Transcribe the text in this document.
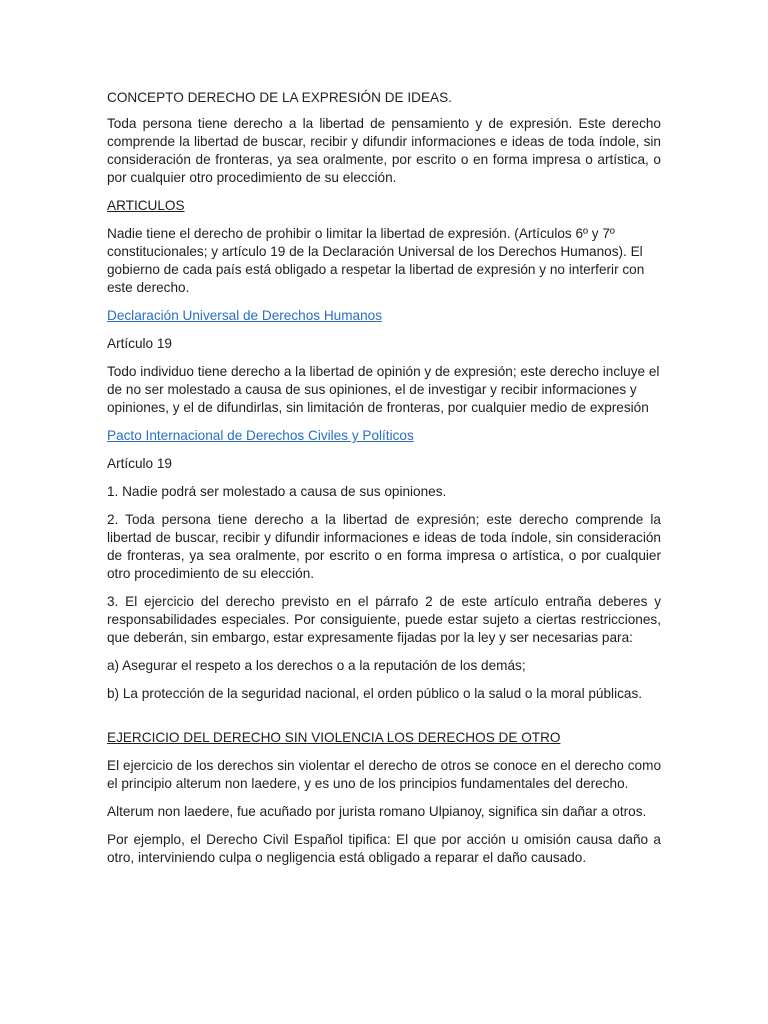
CONCEPTO DERECHO DE LA EXPRESIÓN DE IDEAS.

Toda persona tiene derecho a la libertad de pensamiento y de expresión. Este derecho comprende la libertad de buscar, recibir y difundir informaciones e ideas de toda índole, sin consideración de fronteras, ya sea oralmente, por escrito o en forma impresa o artística, o por cualquier otro procedimiento de su elección.

ARTICULOS

Nadie tiene el derecho de prohibir o limitar la libertad de expresión. (Artículos 6º y 7º constitucionales; y artículo 19 de la Declaración Universal de los Derechos Humanos). El gobierno de cada país está obligado a respetar la libertad de expresión y no interferir con este derecho.

Declaración Universal de Derechos Humanos

Artículo 19

Todo individuo tiene derecho a la libertad de opinión y de expresión; este derecho incluye el de no ser molestado a causa de sus opiniones, el de investigar y recibir informaciones y opiniones, y el de difundirlas, sin limitación de fronteras, por cualquier medio de expresión

Pacto Internacional de Derechos Civiles y Políticos

Artículo 19

1. Nadie podrá ser molestado a causa de sus opiniones.

2. Toda persona tiene derecho a la libertad de expresión; este derecho comprende la libertad de buscar, recibir y difundir informaciones e ideas de toda índole, sin consideración de fronteras, ya sea oralmente, por escrito o en forma impresa o artística, o por cualquier otro procedimiento de su elección.

3. El ejercicio del derecho previsto en el párrafo 2 de este artículo entraña deberes y responsabilidades especiales. Por consiguiente, puede estar sujeto a ciertas restricciones, que deberán, sin embargo, estar expresamente fijadas por la ley y ser necesarias para:

a) Asegurar el respeto a los derechos o a la reputación de los demás;

b) La protección de la seguridad nacional, el orden público o la salud o la moral públicas.

EJERCICIO DEL DERECHO SIN VIOLENCIA LOS DERECHOS DE OTRO

El ejercicio de los derechos sin violentar el derecho de otros se conoce en el derecho como el principio alterum non laedere, y es uno de los principios fundamentales del derecho.

Alterum non laedere, fue acuñado por jurista romano Ulpianoy, significa sin dañar a otros.

Por ejemplo, el Derecho Civil Español tipifica: El que por acción u omisión causa daño a otro, interviniendo culpa o negligencia está obligado a reparar el daño causado.
